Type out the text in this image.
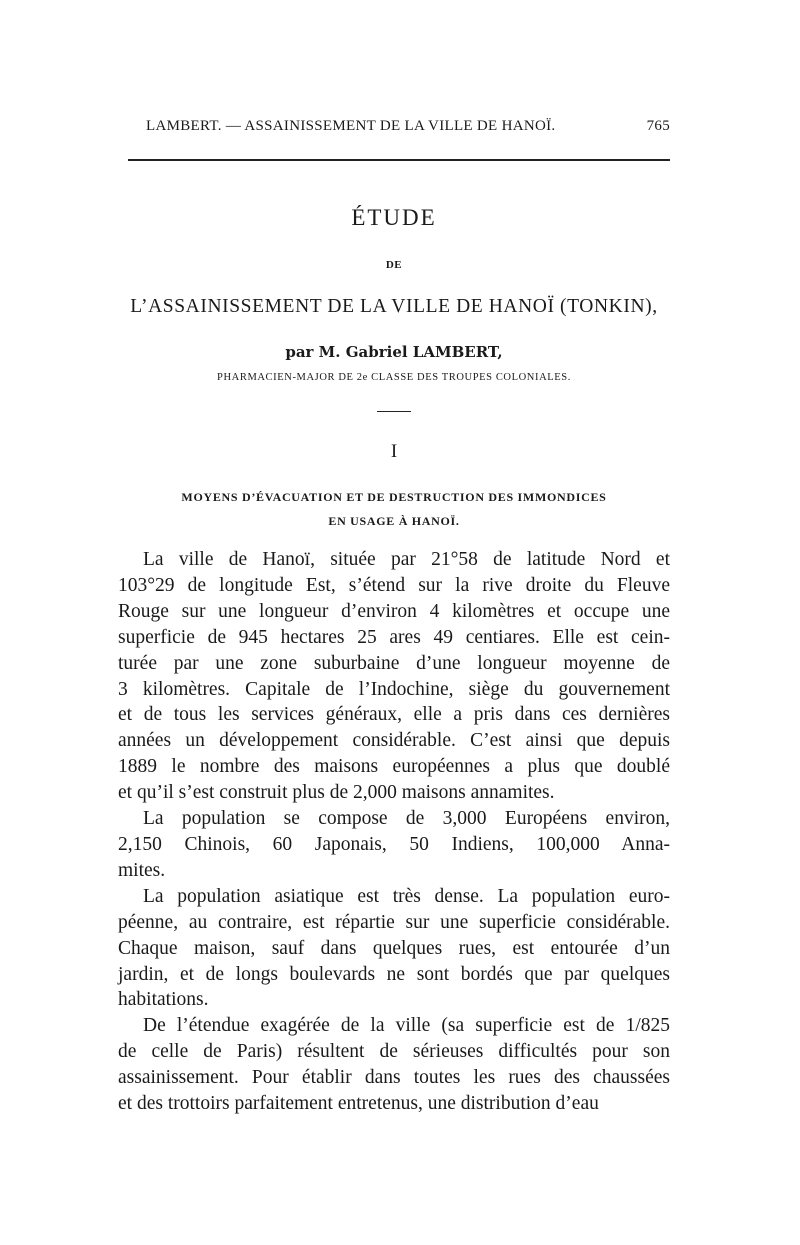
LAMBERT. — ASSAINISSEMENT DE LA VILLE DE HANOÏ.	765
ÉTUDE
DE
L’ASSAINISSEMENT DE LA VILLE DE HANOÏ (TONKIN),
par M. Gabriel LAMBERT,
PHARMACIEN-MAJOR DE 2e CLASSE DES TROUPES COLONIALES.
I
MOYENS D’ÉVACUATION ET DE DESTRUCTION DES IMMONDICES
EN USAGE À HANOÏ.

La ville de Hanoï, située par 21°58 de latitude Nord et
103°29 de longitude Est, s’étend sur la rive droite du Fleuve
Rouge sur une longueur d’environ 4 kilomètres et occupe une
superficie de 945 hectares 25 ares 49 centiares. Elle est cein-
turée par une zone suburbaine d’une longueur moyenne de
3 kilomètres. Capitale de l’Indochine, siège du gouvernement
et de tous les services généraux, elle a pris dans ces dernières
années un développement considérable. C’est ainsi que depuis
1889 le nombre des maisons européennes a plus que doublé
et qu’il s’est construit plus de 2,000 maisons annamites.

La population se compose de 3,000 Européens environ,
2,150 Chinois, 60 Japonais, 50 Indiens, 100,000 Anna-
mites.

La population asiatique est très dense. La population euro-
péenne, au contraire, est répartie sur une superficie considérable.
Chaque maison, sauf dans quelques rues, est entourée d’un
jardin, et de longs boulevards ne sont bordés que par quelques
habitations.

De l’étendue exagérée de la ville (sa superficie est de 1/825
de celle de Paris) résultent de sérieuses difficultés pour son
assainissement. Pour établir dans toutes les rues des chaussées
et des trottoirs parfaitement entretenus, une distribution d’eau
